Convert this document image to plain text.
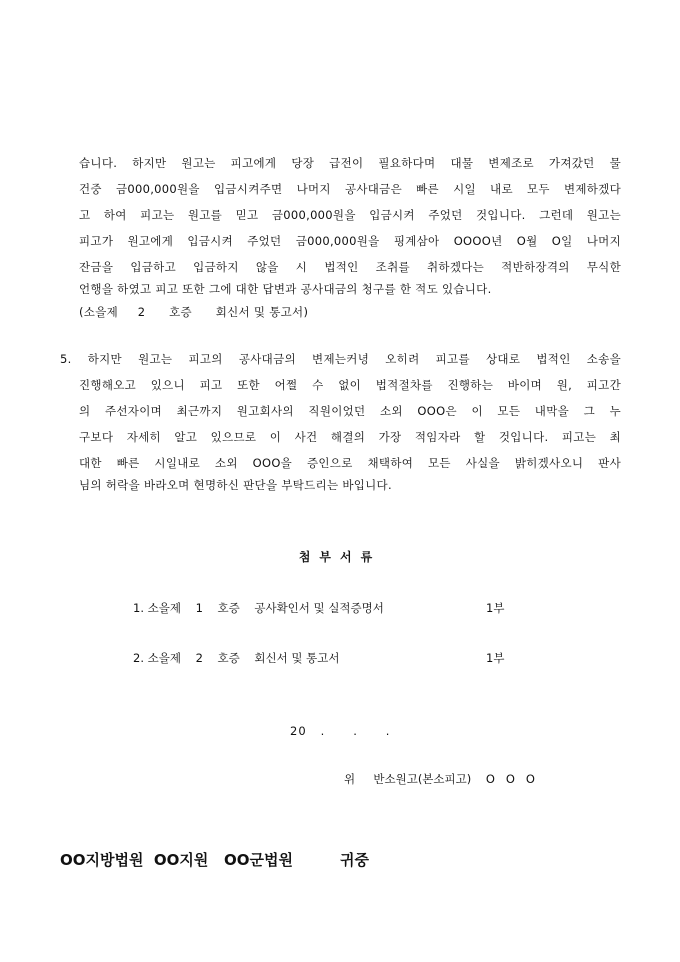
습니다. 하지만 원고는 피고에게 당장 급전이 필요하다며 대물 변제조로 가져갔던 물
건중 금000,000원을 입금시켜주면 나머지 공사대금은 빠른 시일 내로 모두 변제하겠다
고 하여 피고는 원고를 믿고 금000,000원을 입금시켜 주었던 것입니다. 그런데 원고는
피고가 원고에게 입금시켜 주었던 금000,000원을 핑계삼아 OOOO년 O월 O일 나머지
잔금을 입금하고 입금하지 않을 시 법적인 조취를 취하겠다는 적반하장격의 무식한
언행을 하였고 피고 또한 그에 대한 답변과 공사대금의 청구를 한 적도 있습니다.
(소을제     2      호증      회신서 및 통고서)
5. 하지만 원고는 피고의 공사대금의 변제는커녕 오히려 피고를 상대로 법적인 소송을
진행해오고 있으니 피고 또한 어쩔 수 없이 법적절차를 진행하는 바이며 원, 피고간
의 주선자이며 최근까지 원고회사의 직원이었던 소외 OOO은 이 모든 내막을 그 누
구보다 자세히 알고 있으므로 이 사건 해결의 가장 적임자라 할 것입니다. 피고는 최
대한 빠른 시일내로 소외 OOO을 증인으로 채택하여 모든 사실을 밝히겠사오니 판사
님의 허락을 바라오며 현명하신 판단을 부탁드리는 바입니다.
첨부서류
1. 소을제    1    호증    공사확인서 및 실적증명서	1부
2. 소을제    2    호증    회신서 및 통고서	1부
20   .      .      .
위     반소원고(본소피고)    O   O   O
OO지방법원  OO지원   OO군법원         귀중
